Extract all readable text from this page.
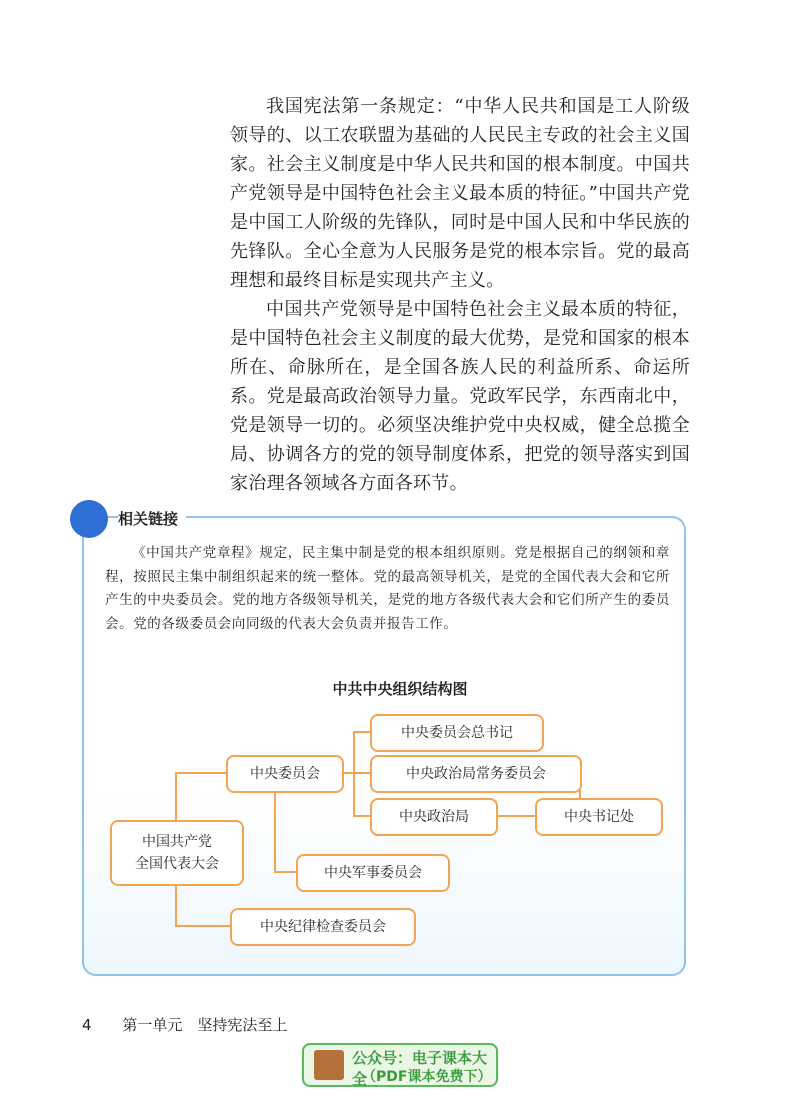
我国宪法第一条规定：“中华人民共和国是工人阶级领导的、以工农联盟为基础的人民民主专政的社会主义国家。社会主义制度是中华人民共和国的根本制度。中国共产党领导是中国特色社会主义最本质的特征。”中国共产党是中国工人阶级的先锋队，同时是中国人民和中华民族的先锋队。全心全意为人民服务是党的根本宗旨。党的最高理想和最终目标是实现共产主义。

中国共产党领导是中国特色社会主义最本质的特征，是中国特色社会主义制度的最大优势，是党和国家的根本所在、命脉所在，是全国各族人民的利益所系、命运所系。党是最高政治领导力量。党政军民学，东西南北中，党是领导一切的。必须坚决维护党中央权威，健全总揽全局、协调各方的党的领导制度体系，把党的领导落实到国家治理各领域各方面各环节。

相关链接

《中国共产党章程》规定，民主集中制是党的根本组织原则。党是根据自己的纲领和章程，按照民主集中制组织起来的统一整体。党的最高领导机关，是党的全国代表大会和它所产生的中央委员会。党的地方各级领导机关，是党的地方各级代表大会和它们所产生的委员会。党的各级委员会向同级的代表大会负责并报告工作。

中共中央组织结构图
中国共产党
全国代表大会
中央委员会
中央委员会总书记
中央政治局常务委员会
中央政治局	中央书记处
中央军事委员会
中央纪律检查委员会
4 第一单元　坚持宪法至上
公众号：电子课本大全
（PDF课本免费下）
